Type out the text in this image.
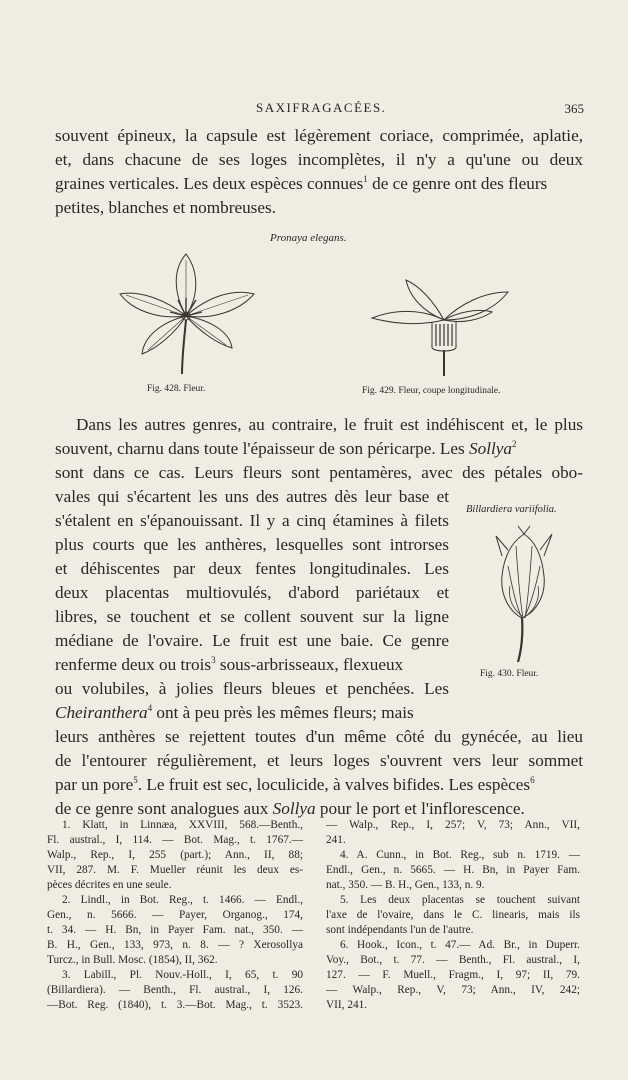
SAXIFRAGACÉES.	365
souvent épineux, la capsule est légèrement coriace, comprimée, aplatie,
et, dans chacune de ses loges incomplètes, il n'y a qu'une ou deux
graines verticales. Les deux espèces connues$^1$ de ce genre ont des fleurs
petites, blanches et nombreuses.
Pronaya elegans.
Fig. 428. Fleur.	Fig. 429. Fleur, coupe longitudinale.
Dans les autres genres, au contraire, le fruit est indéhiscent et, le plus
souvent, charnu dans toute l'épaisseur de son péricarpe. Les Sollya$^2$
sont dans ce cas. Leurs fleurs sont pentamères, avec des pétales obo-
vales qui s'écartent les uns des autres dès leur base et
s'étalent en s'épanouissant. Il y a cinq étamines à filets
plus courts que les anthères, lesquelles sont introrses
et déhiscentes par deux fentes longitudinales. Les
deux placentas multiovulés, d'abord pariétaux et
libres, se touchent et se collent souvent sur la ligne
médiane de l'ovaire. Le fruit est une baie. Ce genre
renferme deux ou trois$^3$ sous-arbrisseaux, flexueux
ou volubiles, à jolies fleurs bleues et penchées. Les
Cheiranthera$^4$ ont à peu près les mêmes fleurs; mais
leurs anthères se rejettent toutes d'un même côté du gynécée, au lieu
de l'entourer régulièrement, et leurs loges s'ouvrent vers leur sommet
par un pore$^5$. Le fruit est sec, loculicide, à valves bifides. Les espèces$^6$
de ce genre sont analogues aux Sollya pour le port et l'inflorescence.
Billardiera variifolia.
Fig. 430. Fleur.
1. Klatt, in Linnæa, XXVIII, 568.—Benth.,
Fl. austral., I, 114. — Bot. Mag., t. 1767.—
Walp., Rep., I, 255 (part.); Ann., II, 88;
VII, 287. M. F. Mueller réunit les deux es-
pèces décrites en une seule.
2. Lindl., in Bot. Reg., t. 1466. — Endl.,
Gen., n. 5666. — Payer, Organog., 174,
t. 34. — H. Bn, in Payer Fam. nat., 350. —
B. H., Gen., 133, 973, n. 8. — ? Xerosollya
Turcz., in Bull. Mosc. (1854), II, 362.
3. Labill., Pl. Nouv.-Holl., I, 65, t. 90
(Billardiera). — Benth., Fl. austral., I, 126.
—Bot. Reg. (1840), t. 3.—Bot. Mag., t. 3523.
— Walp., Rep., I, 257; V, 73; Ann., VII,
241.
4. A. Cunn., in Bot. Reg., sub n. 1719. —
Endl., Gen., n. 5665. — H. Bn, in Payer Fam.
nat., 350. — B. H., Gen., 133, n. 9.
5. Les deux placentas se touchent suivant
l'axe de l'ovaire, dans le C. linearis, mais ils
sont indépendants l'un de l'autre.
6. Hook., Icon., t. 47.— Ad. Br., in Duperr.
Voy., Bot., t. 77. — Benth., Fl. austral., I,
127. — F. Muell., Fragm., I, 97; II, 79.
— Walp., Rep., V, 73; Ann., IV, 242;
VII, 241.
